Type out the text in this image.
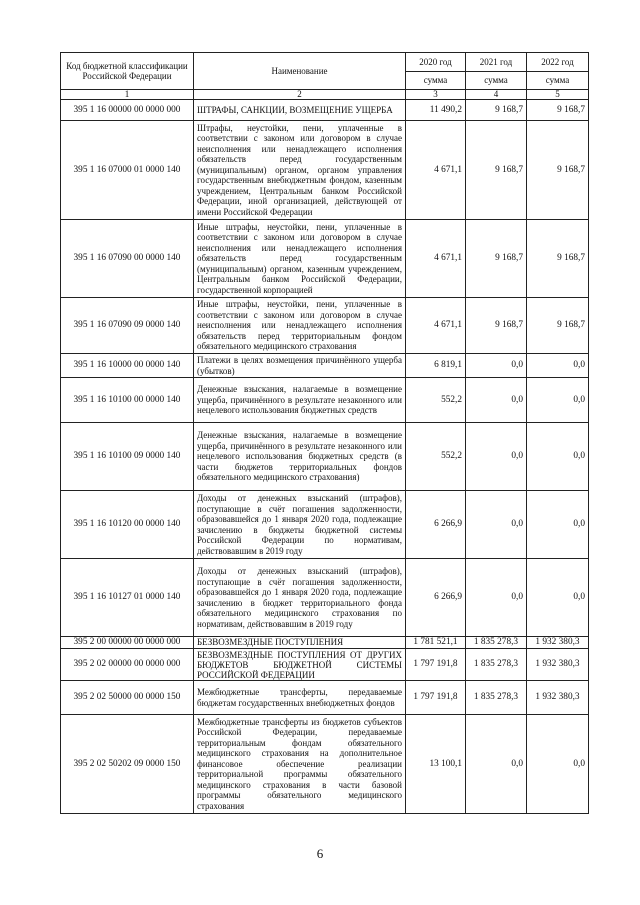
Код бюджетной классификации Российской Федерации	Наименование	2020 год	2021 год	2022 год
		сумма	сумма	сумма
1	2	3	4	5
395 1 16 00000 00 0000 000	ШТРАФЫ, САНКЦИИ, ВОЗМЕЩЕНИЕ УЩЕРБА	11 490,2	9 168,7	9 168,7
395 1 16 07000 01 0000 140	Штрафы, неустойки, пени, уплаченные в соответствии с законом или договором в случае неисполнения или ненадлежащего исполнения обязательств перед государственным (муниципальным) органом, органом управления государственным внебюджетным фондом, казенным учреждением, Центральным банком Российской Федерации, иной организацией, действующей от имени Российской Федерации	4 671,1	9 168,7	9 168,7
395 1 16 07090 00 0000 140	Иные штрафы, неустойки, пени, уплаченные в соответствии с законом или договором в случае неисполнения или ненадлежащего исполнения обязательств перед государственным (муниципальным) органом, казенным учреждением, Центральным банком Российской Федерации, государственной корпорацией	4 671,1	9 168,7	9 168,7
395 1 16 07090 09 0000 140	Иные штрафы, неустойки, пени, уплаченные в соответствии с законом или договором в случае неисполнения или ненадлежащего исполнения обязательств перед территориальным фондом обязательного медицинского страхования	4 671,1	9 168,7	9 168,7
395 1 16 10000 00 0000 140	Платежи в целях возмещения причинённого ущерба (убытков)	6 819,1	0,0	0,0
395 1 16 10100 00 0000 140	Денежные взыскания, налагаемые в возмещение ущерба, причинённого в результате незаконного или нецелевого использования бюджетных средств	552,2	0,0	0,0
395 1 16 10100 09 0000 140	Денежные взыскания, налагаемые в возмещение ущерба, причинённого в результате незаконного или нецелевого использования бюджетных средств (в части бюджетов территориальных фондов обязательного медицинского страхования)	552,2	0,0	0,0
395 1 16 10120 00 0000 140	Доходы от денежных взысканий (штрафов), поступающие в счёт погашения задолженности, образовавшейся до 1 января 2020 года, подлежащие зачислению в бюджеты бюджетной системы Российской Федерации по нормативам, действовавшим в 2019 году	6 266,9	0,0	0,0
395 1 16 10127 01 0000 140	Доходы от денежных взысканий (штрафов), поступающие в счёт погашения задолженности, образовавшейся до 1 января 2020 года, подлежащие зачислению в бюджет территориального фонда обязательного медицинского страхования по нормативам, действовавшим в 2019 году	6 266,9	0,0	0,0
395 2 00 00000 00 0000 000	БЕЗВОЗМЕЗДНЫЕ ПОСТУПЛЕНИЯ	1 781 521,1	1 835 278,3	1 932 380,3
395 2 02 00000 00 0000 000	БЕЗВОЗМЕЗДНЫЕ ПОСТУПЛЕНИЯ ОТ ДРУГИХ БЮДЖЕТОВ БЮДЖЕТНОЙ СИСТЕМЫ РОССИЙСКОЙ ФЕДЕРАЦИИ	1 797 191,8	1 835 278,3	1 932 380,3
395 2 02 50000 00 0000 150	Межбюджетные трансферты, передаваемые бюджетам государственных внебюджетных фондов	1 797 191,8	1 835 278,3	1 932 380,3
395 2 02 50202 09 0000 150	Межбюджетные трансферты из бюджетов субъектов Российской Федерации, передаваемые территориальным фондам обязательного медицинского страхования на дополнительное финансовое обеспечение реализации территориальной программы обязательного медицинского страхования в части базовой программы обязательного медицинского страхования	13 100,1	0,0	0,0
6
